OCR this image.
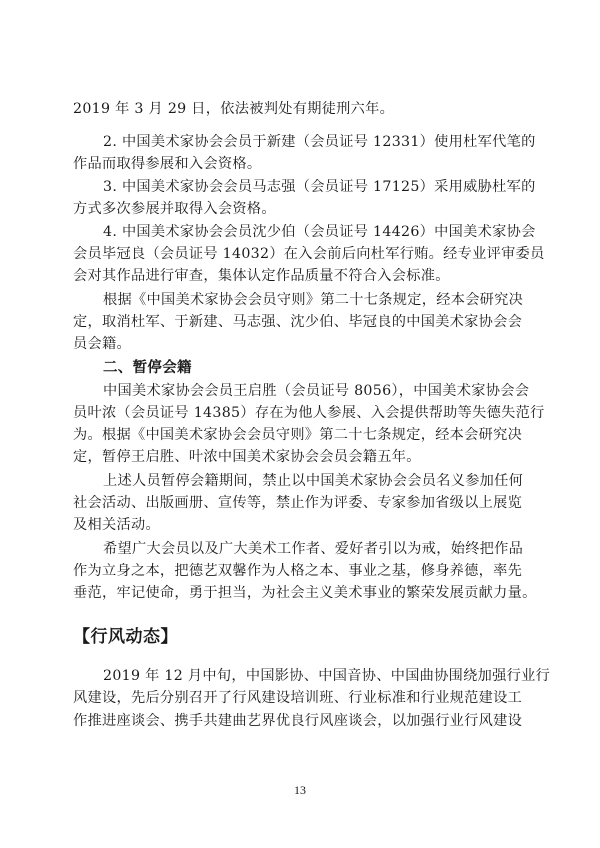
2019 年 3 月 29 日，依法被判处有期徒刑六年。
2. 中国美术家协会会员于新建（会员证号 12331）使用杜军代笔的
作品而取得参展和入会资格。
3. 中国美术家协会会员马志强（会员证号 17125）采用威胁杜军的
方式多次参展并取得入会资格。
4. 中国美术家协会会员沈少伯（会员证号 14426）中国美术家协会
会员毕冠良（会员证号 14032）在入会前后向杜军行贿。经专业评审委员
会对其作品进行审查，集体认定作品质量不符合入会标准。
根据《中国美术家协会会员守则》第二十七条规定，经本会研究决
定，取消杜军、于新建、马志强、沈少伯、毕冠良的中国美术家协会会
员会籍。
二、暂停会籍
中国美术家协会会员王启胜（会员证号 8056），中国美术家协会会
员叶浓（会员证号 14385）存在为他人参展、入会提供帮助等失德失范行
为。根据《中国美术家协会会员守则》第二十七条规定，经本会研究决
定，暂停王启胜、叶浓中国美术家协会会员会籍五年。
上述人员暂停会籍期间，禁止以中国美术家协会会员名义参加任何
社会活动、出版画册、宣传等，禁止作为评委、专家参加省级以上展览
及相关活动。
希望广大会员以及广大美术工作者、爱好者引以为戒，始终把作品
作为立身之本，把德艺双馨作为人格之本、事业之基，修身养德，率先
垂范，牢记使命，勇于担当，为社会主义美术事业的繁荣发展贡献力量。
【行风动态】
2019 年 12 月中旬，中国影协、中国音协、中国曲协围绕加强行业行
风建设，先后分别召开了行风建设培训班、行业标准和行业规范建设工
作推进座谈会、携手共建曲艺界优良行风座谈会，以加强行业行风建设
13
